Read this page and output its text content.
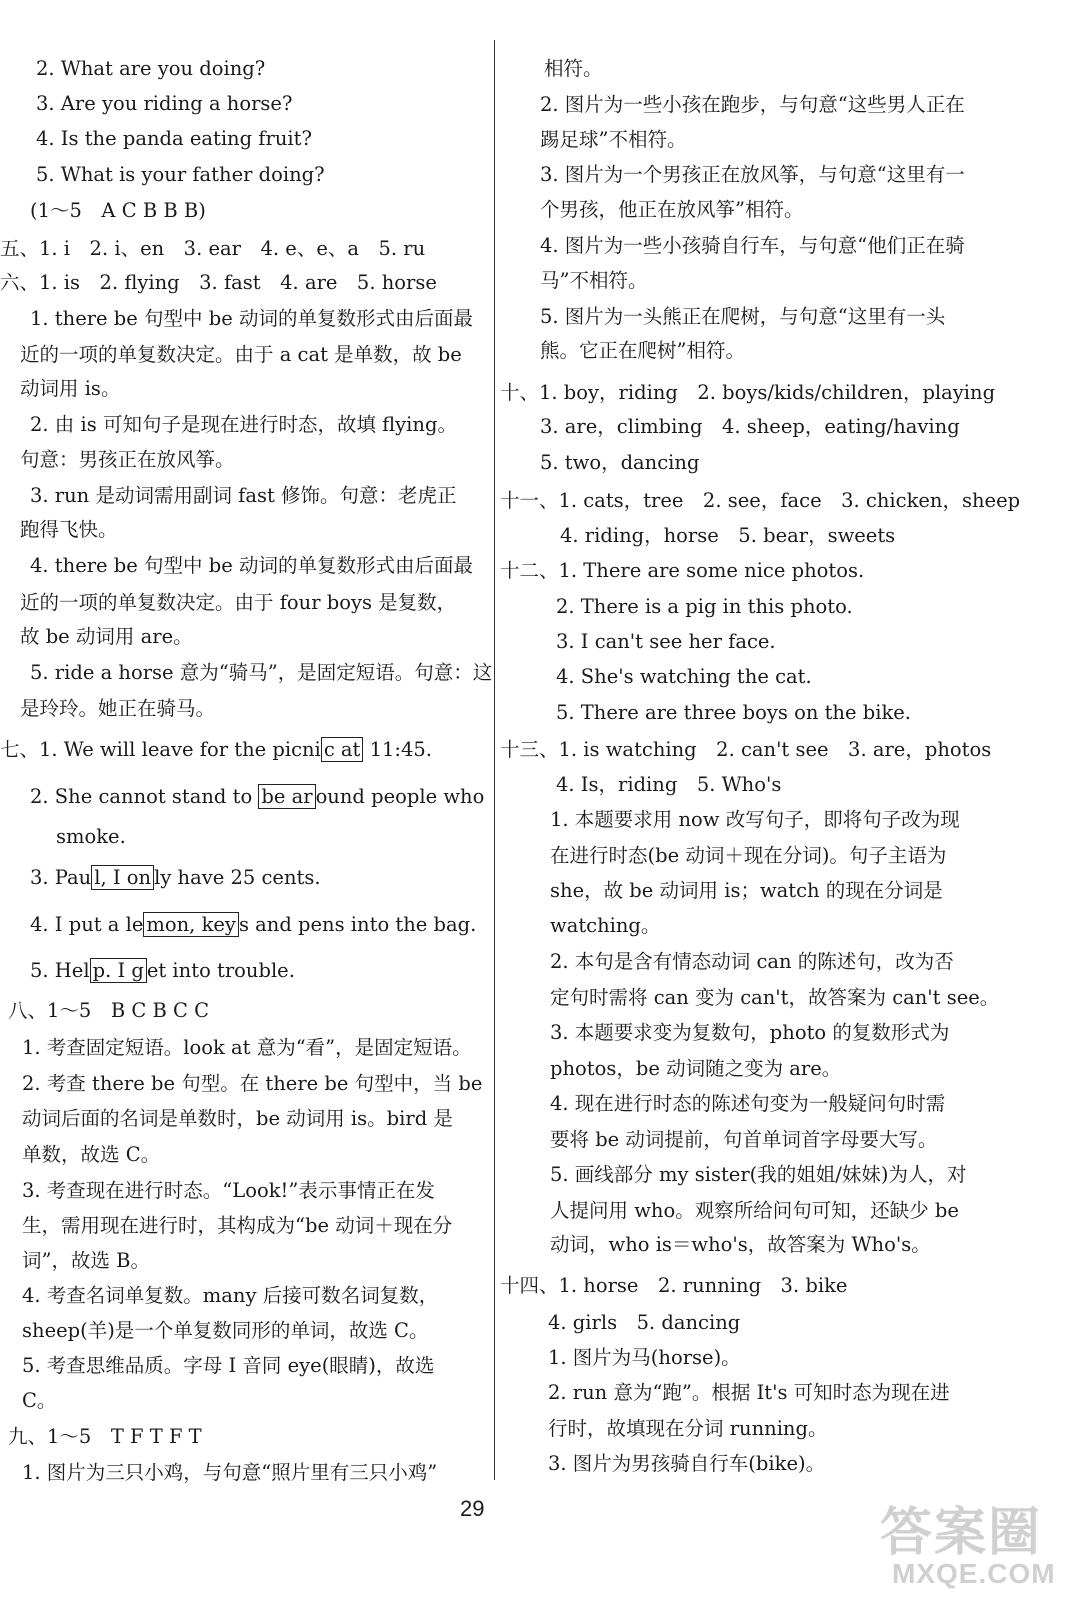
2. What are you doing?
3. Are you riding a horse?
4. Is the panda eating fruit?
5. What is your father doing?
(1～5　A C B B B)
五、1. i　2. i、en　3. ear　4. e、e、a　5. ru
六、1. is　2. flying　3. fast　4. are　5. horse
1. there be 句型中 be 动词的单复数形式由后面最
近的一项的单复数决定。由于 a cat 是单数，故 be
动词用 is。
2. 由 is 可知句子是现在进行时态，故填 flying。
句意：男孩正在放风筝。
3. run 是动词需用副词 fast 修饰。句意：老虎正
跑得飞快。
4. there be 句型中 be 动词的单复数形式由后面最
近的一项的单复数决定。由于 four boys 是复数，
故 be 动词用 are。
5. ride a horse 意为“骑马”，是固定短语。句意：这
是玲玲。她正在骑马。
七、1. We will leave for the picni c at 11:45.
2. She cannot stand to be ar ound people who
smoke.
3. Pau l, I on ly have 25 cents.
4. I put a le mon, key s and pens into the bag.
5. Hel p. I g et into trouble.
八、1～5　B C B C C
1. 考查固定短语。look at 意为“看”，是固定短语。
2. 考查 there be 句型。在 there be 句型中，当 be
动词后面的名词是单数时，be 动词用 is。bird 是
单数，故选 C。
3. 考查现在进行时态。“Look!”表示事情正在发
生，需用现在进行时，其构成为“be 动词＋现在分
词”，故选 B。
4. 考查名词单复数。many 后接可数名词复数，
sheep(羊)是一个单复数同形的单词，故选 C。
5. 考查思维品质。字母 I 音同 eye(眼睛)，故选
C。
九、1～5　T F T F T
1. 图片为三只小鸡，与句意“照片里有三只小鸡”
相符。
2. 图片为一些小孩在跑步，与句意“这些男人正在
踢足球”不相符。
3. 图片为一个男孩正在放风筝，与句意“这里有一
个男孩，他正在放风筝”相符。
4. 图片为一些小孩骑自行车，与句意“他们正在骑
马”不相符。
5. 图片为一头熊正在爬树，与句意“这里有一头
熊。它正在爬树”相符。
十、1. boy，riding　2. boys/kids/children，playing
3. are，climbing　4. sheep，eating/having
5. two，dancing
十一、1. cats，tree　2. see，face　3. chicken，sheep
4. riding，horse　5. bear，sweets
十二、1. There are some nice photos.
2. There is a pig in this photo.
3. I can't see her face.
4. She's watching the cat.
5. There are three boys on the bike.
十三、1. is watching　2. can't see　3. are，photos
4. Is，riding　5. Who's
1. 本题要求用 now 改写句子，即将句子改为现
在进行时态(be 动词＋现在分词)。句子主语为
she，故 be 动词用 is；watch 的现在分词是
watching。
2. 本句是含有情态动词 can 的陈述句，改为否
定句时需将 can 变为 can't，故答案为 can't see。
3. 本题要求变为复数句，photo 的复数形式为
photos，be 动词随之变为 are。
4. 现在进行时态的陈述句变为一般疑问句时需
要将 be 动词提前，句首单词首字母要大写。
5. 画线部分 my sister(我的姐姐/妹妹)为人，对
人提问用 who。观察所给问句可知，还缺少 be
动词，who is＝who's，故答案为 Who's。
十四、1. horse　2. running　3. bike
4. girls　5. dancing
1. 图片为马(horse)。
2. run 意为“跑”。根据 It's 可知时态为现在进
行时，故填现在分词 running。
3. 图片为男孩骑自行车(bike)。
29	答案圈
MXQE.COM
